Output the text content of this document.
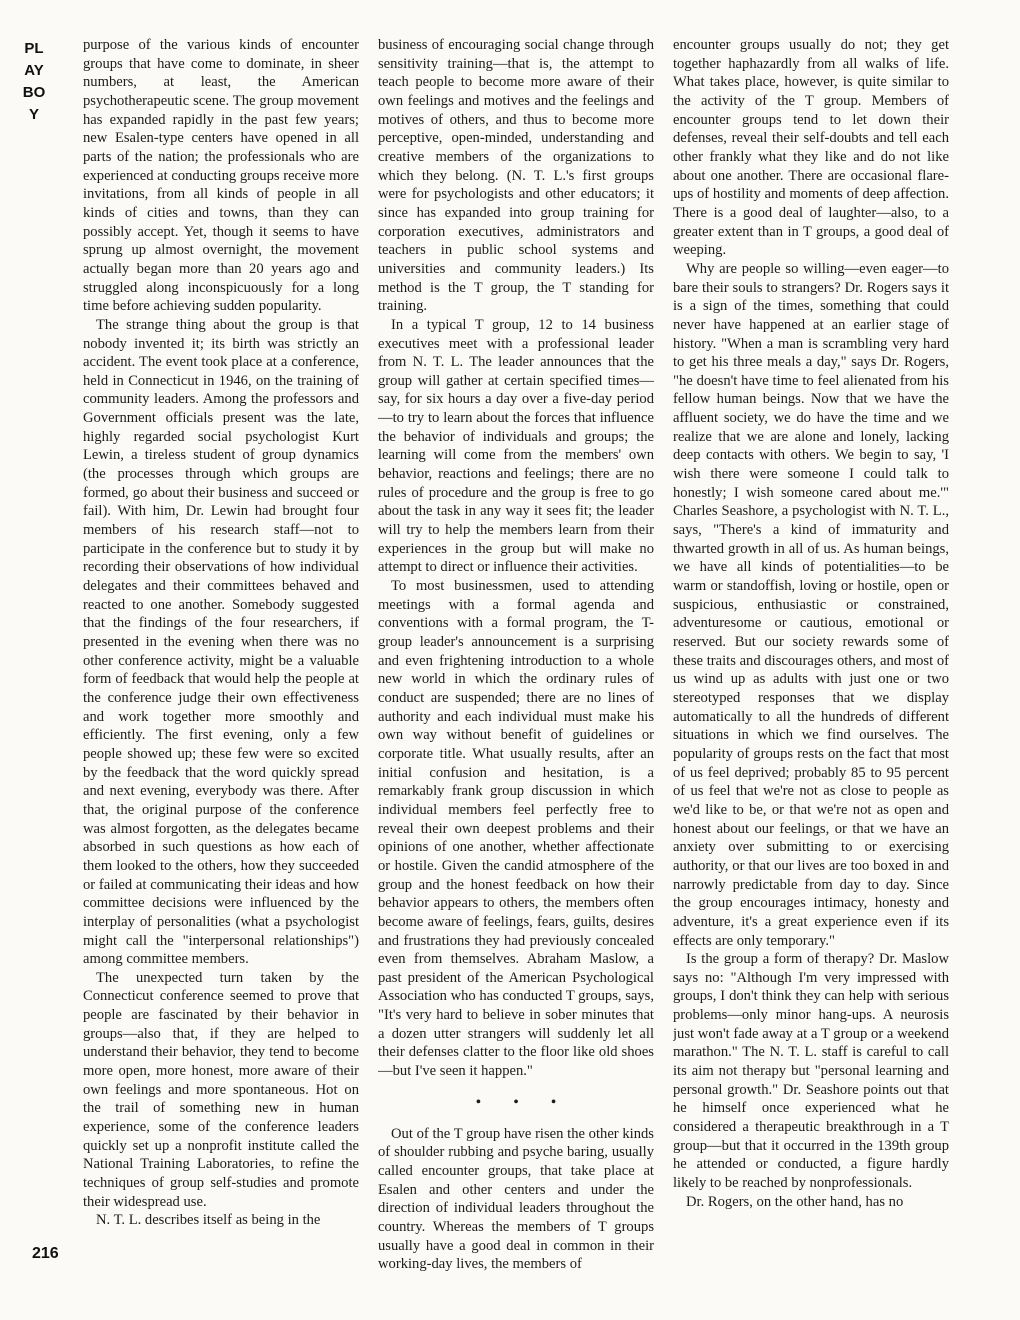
PLAYBOY
216

purpose of the various kinds of encounter groups that have come to dominate, in sheer numbers, at least, the American psychotherapeutic scene. The group movement has expanded rapidly in the past few years; new Esalen-type centers have opened in all parts of the nation; the professionals who are experienced at conducting groups receive more invitations, from all kinds of people in all kinds of cities and towns, than they can possibly accept. Yet, though it seems to have sprung up almost overnight, the movement actually began more than 20 years ago and struggled along inconspicuously for a long time before achieving sudden popularity.

The strange thing about the group is that nobody invented it; its birth was strictly an accident. The event took place at a conference, held in Connecticut in 1946, on the training of community leaders. Among the professors and Government officials present was the late, highly regarded social psychologist Kurt Lewin, a tireless student of group dynamics (the processes through which groups are formed, go about their business and succeed or fail). With him, Dr. Lewin had brought four members of his research staff—not to participate in the conference but to study it by recording their observations of how individual delegates and their committees behaved and reacted to one another. Somebody suggested that the findings of the four researchers, if presented in the evening when there was no other conference activity, might be a valuable form of feedback that would help the people at the conference judge their own effectiveness and work together more smoothly and efficiently. The first evening, only a few people showed up; these few were so excited by the feedback that the word quickly spread and next evening, everybody was there. After that, the original purpose of the conference was almost forgotten, as the delegates became absorbed in such questions as how each of them looked to the others, how they succeeded or failed at communicating their ideas and how committee decisions were influenced by the interplay of personalities (what a psychologist might call the "interpersonal relationships") among committee members.

The unexpected turn taken by the Connecticut conference seemed to prove that people are fascinated by their behavior in groups—also that, if they are helped to understand their behavior, they tend to become more open, more honest, more aware of their own feelings and more spontaneous. Hot on the trail of something new in human experience, some of the conference leaders quickly set up a nonprofit institute called the National Training Laboratories, to refine the techniques of group self-studies and promote their widespread use.

N. T. L. describes itself as being in the

business of encouraging social change through sensitivity training—that is, the attempt to teach people to become more aware of their own feelings and motives and the feelings and motives of others, and thus to become more perceptive, open-minded, understanding and creative members of the organizations to which they belong. (N. T. L.'s first groups were for psychologists and other educators; it since has expanded into group training for corporation executives, administrators and teachers in public school systems and universities and community leaders.) Its method is the T group, the T standing for training.

In a typical T group, 12 to 14 business executives meet with a professional leader from N. T. L. The leader announces that the group will gather at certain specified times—say, for six hours a day over a five-day period—to try to learn about the forces that influence the behavior of individuals and groups; the learning will come from the members' own behavior, reactions and feelings; there are no rules of procedure and the group is free to go about the task in any way it sees fit; the leader will try to help the members learn from their experiences in the group but will make no attempt to direct or influence their activities.

To most businessmen, used to attending meetings with a formal agenda and conventions with a formal program, the T-group leader's announcement is a surprising and even frightening introduction to a whole new world in which the ordinary rules of conduct are suspended; there are no lines of authority and each individual must make his own way without benefit of guidelines or corporate title. What usually results, after an initial confusion and hesitation, is a remarkably frank group discussion in which individual members feel perfectly free to reveal their own deepest problems and their opinions of one another, whether affectionate or hostile. Given the candid atmosphere of the group and the honest feedback on how their behavior appears to others, the members often become aware of feelings, fears, guilts, desires and frustrations they had previously concealed even from themselves. Abraham Maslow, a past president of the American Psychological Association who has conducted T groups, says, "It's very hard to believe in sober minutes that a dozen utter strangers will suddenly let all their defenses clatter to the floor like old shoes—but I've seen it happen."

• • •

Out of the T group have risen the other kinds of shoulder rubbing and psyche baring, usually called encounter groups, that take place at Esalen and other centers and under the direction of individual leaders throughout the country. Whereas the members of T groups usually have a good deal in common in their working-day lives, the members of

encounter groups usually do not; they get together haphazardly from all walks of life. What takes place, however, is quite similar to the activity of the T group. Members of encounter groups tend to let down their defenses, reveal their self-doubts and tell each other frankly what they like and do not like about one another. There are occasional flare-ups of hostility and moments of deep affection. There is a good deal of laughter—also, to a greater extent than in T groups, a good deal of weeping.

Why are people so willing—even eager—to bare their souls to strangers? Dr. Rogers says it is a sign of the times, something that could never have happened at an earlier stage of history. "When a man is scrambling very hard to get his three meals a day," says Dr. Rogers, "he doesn't have time to feel alienated from his fellow human beings. Now that we have the affluent society, we do have the time and we realize that we are alone and lonely, lacking deep contacts with others. We begin to say, 'I wish there were someone I could talk to honestly; I wish someone cared about me.'" Charles Seashore, a psychologist with N. T. L., says, "There's a kind of immaturity and thwarted growth in all of us. As human beings, we have all kinds of potentialities—to be warm or standoffish, loving or hostile, open or suspicious, enthusiastic or constrained, adventuresome or cautious, emotional or reserved. But our society rewards some of these traits and discourages others, and most of us wind up as adults with just one or two stereotyped responses that we display automatically to all the hundreds of different situations in which we find ourselves. The popularity of groups rests on the fact that most of us feel deprived; probably 85 to 95 percent of us feel that we're not as close to people as we'd like to be, or that we're not as open and honest about our feelings, or that we have an anxiety over submitting to or exercising authority, or that our lives are too boxed in and narrowly predictable from day to day. Since the group encourages intimacy, honesty and adventure, it's a great experience even if its effects are only temporary."

Is the group a form of therapy? Dr. Maslow says no: "Although I'm very impressed with groups, I don't think they can help with serious problems—only minor hang-ups. A neurosis just won't fade away at a T group or a weekend marathon." The N. T. L. staff is careful to call its aim not therapy but "personal learning and personal growth." Dr. Seashore points out that he himself once experienced what he considered a therapeutic breakthrough in a T group—but that it occurred in the 139th group he attended or conducted, a figure hardly likely to be reached by nonprofessionals.

Dr. Rogers, on the other hand, has no
